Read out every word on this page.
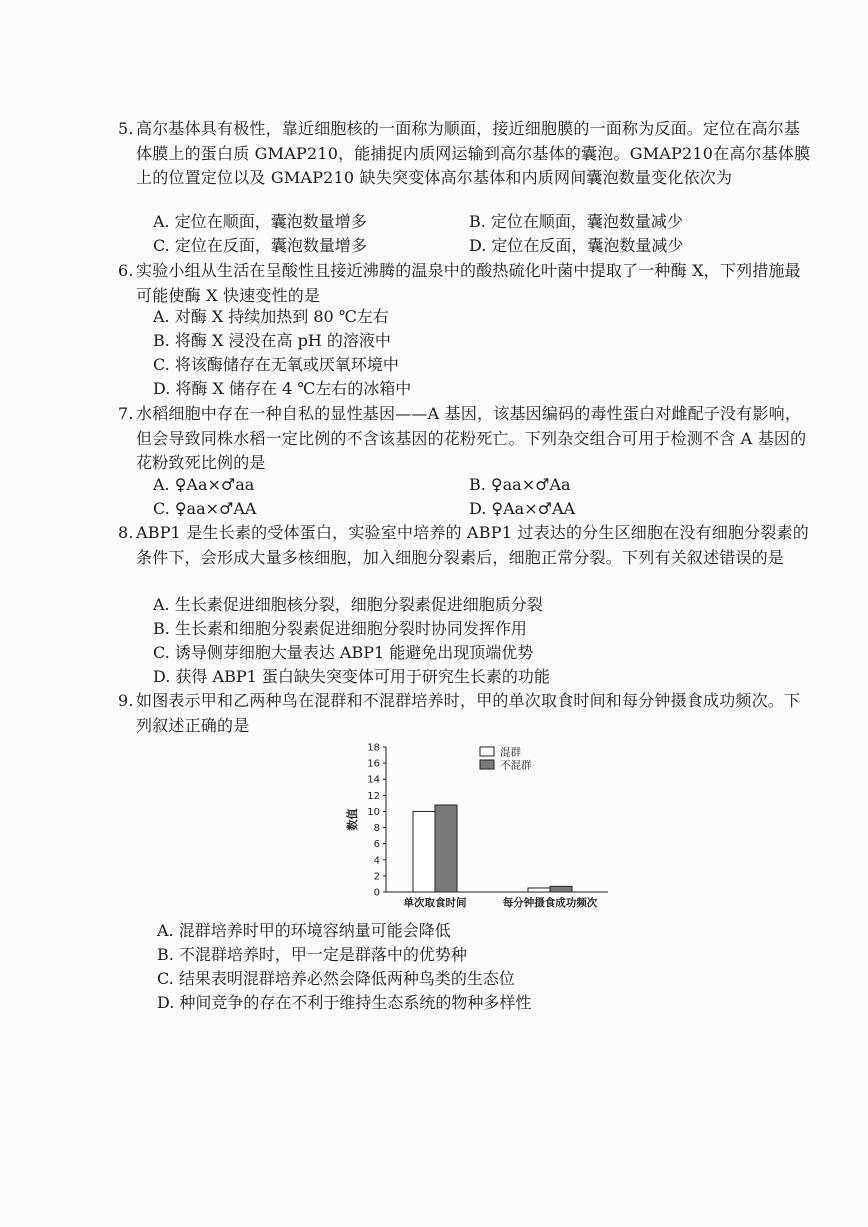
5. 高尔基体具有极性，靠近细胞核的一面称为顺面，接近细胞膜的一面称为反面。定位在高尔基体膜上的蛋白质 GMAP210，能捕捉内质网运输到高尔基体的囊泡。GMAP210在高尔基体膜上的位置定位以及 GMAP210 缺失突变体高尔基体和内质网间囊泡数量变化依次为
A. 定位在顺面，囊泡数量增多	B. 定位在顺面，囊泡数量减少
C. 定位在反面，囊泡数量增多	D. 定位在反面，囊泡数量减少
6. 实验小组从生活在呈酸性且接近沸腾的温泉中的酸热硫化叶菌中提取了一种酶 X，下列措施最可能使酶 X 快速变性的是
A. 对酶 X 持续加热到 80 ℃左右
B. 将酶 X 浸没在高 pH 的溶液中
C. 将该酶储存在无氧或厌氧环境中
D. 将酶 X 储存在 4 ℃左右的冰箱中
7. 水稻细胞中存在一种自私的显性基因——A 基因，该基因编码的毒性蛋白对雌配子没有影响，但会导致同株水稻一定比例的不含该基因的花粉死亡。下列杂交组合可用于检测不含 A 基因的花粉致死比例的是
A. ♀Aa×♂aa	B. ♀aa×♂Aa
C. ♀aa×♂AA	D. ♀Aa×♂AA
8. ABP1 是生长素的受体蛋白，实验室中培养的 ABP1 过表达的分生区细胞在没有细胞分裂素的条件下，会形成大量多核细胞，加入细胞分裂素后，细胞正常分裂。下列有关叙述错误的是
A. 生长素促进细胞核分裂，细胞分裂素促进细胞质分裂
B. 生长素和细胞分裂素促进细胞分裂时协同发挥作用
C. 诱导侧芽细胞大量表达 ABP1 能避免出现顶端优势
D. 获得 ABP1 蛋白缺失突变体可用于研究生长素的功能
9. 如图表示甲和乙两种鸟在混群和不混群培养时，甲的单次取食时间和每分钟摄食成功频次。下列叙述正确的是
0
2
4
6
8
10
12
14
16
18
数值
单次取食时间	每分钟摄食成功频次
混群
不混群
A. 混群培养时甲的环境容纳量可能会降低
B. 不混群培养时，甲一定是群落中的优势种
C. 结果表明混群培养必然会降低两种鸟类的生态位
D. 种间竞争的存在不利于维持生态系统的物种多样性
